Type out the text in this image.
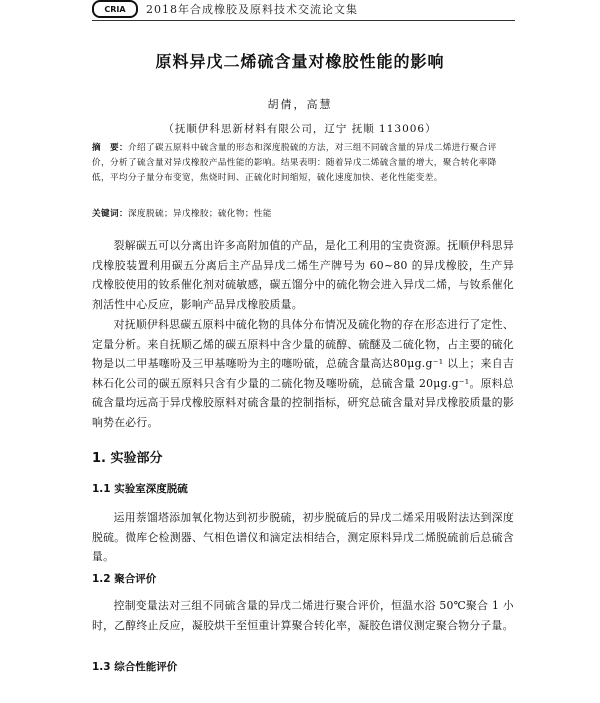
CRIA	2018年合成橡胶及原料技术交流论文集
原料异戊二烯硫含量对橡胶性能的影响
胡倩，高慧
（抚顺伊科思新材料有限公司，辽宁 抚顺 113006）
摘　要：介绍了碳五原料中硫含量的形态和深度脱硫的方法，对三组不同硫含量的异戊二烯进行聚合评价，分析了硫含量对异戊橡胶产品性能的影响。结果表明：随着异戊二烯硫含量的增大，聚合转化率降低，平均分子量分布变宽，焦烧时间、正硫化时间缩短，硫化速度加快、老化性能变差。
关键词：深度脱硫；异戊橡胶；硫化物；性能
裂解碳五可以分离出许多高附加值的产品，是化工利用的宝贵资源。抚顺伊科思异戊橡胶装置利用碳五分离后主产品异戊二烯生产牌号为 60~80 的异戊橡胶，生产异戊橡胶使用的钕系催化剂对硫敏感，碳五馏分中的硫化物会进入异戊二烯，与钕系催化剂活性中心反应，影响产品异戊橡胶质量。
对抚顺伊科思碳五原料中硫化物的具体分布情况及硫化物的存在形态进行了定性、定量分析。来自抚顺乙烯的碳五原料中含少量的硫醇、硫醚及二硫化物，占主要的硫化物是以二甲基噻吩及三甲基噻吩为主的噻吩硫，总硫含量高达80μg.g⁻¹ 以上；来自吉林石化公司的碳五原料只含有少量的二硫化物及噻吩硫，总硫含量 20μg.g⁻¹。原料总硫含量均远高于异戊橡胶原料对硫含量的控制指标，研究总硫含量对异戊橡胶质量的影响势在必行。
1. 实验部分
1.1 实验室深度脱硫
运用萘馏塔添加氧化物达到初步脱硫，初步脱硫后的异戊二烯采用吸附法达到深度脱硫。微库仑检测器、气相色谱仪和滴定法相结合，测定原料异戊二烯脱硫前后总硫含量。
1.2 聚合评价
控制变量法对三组不同硫含量的异戊二烯进行聚合评价，恒温水浴 50℃聚合 1 小时，乙醇终止反应，凝胶烘干至恒重计算聚合转化率，凝胶色谱仪测定聚合物分子量。
1.3 综合性能评价
